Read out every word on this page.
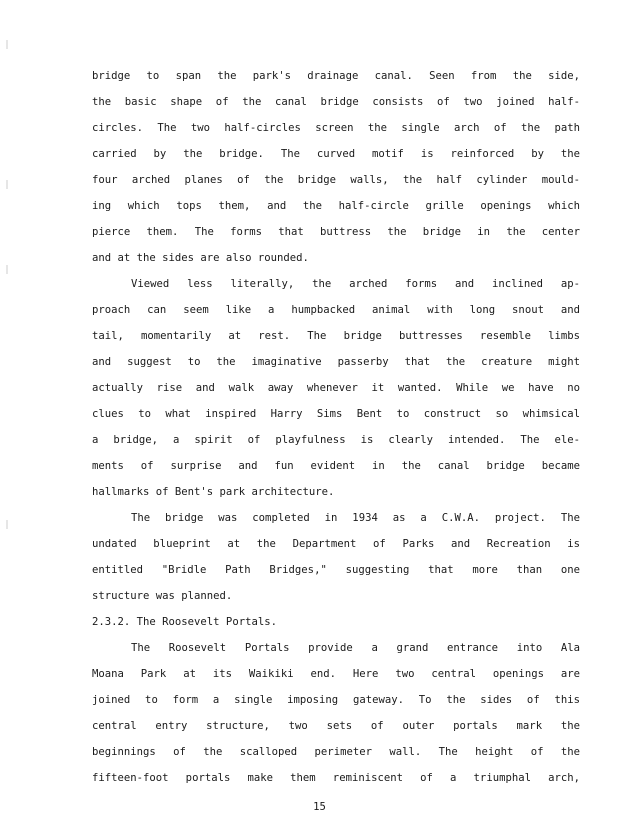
bridge to span the park's drainage canal. Seen from the side,
the basic shape of the canal bridge consists of two joined half-
circles. The two half-circles screen the single arch of the path
carried by the bridge. The curved motif is reinforced by the
four arched planes of the bridge walls, the half cylinder mould-
ing which tops them, and the half-circle grille openings which
pierce them. The forms that buttress the bridge in the center
and at the sides are also rounded.
Viewed less literally, the arched forms and inclined ap-
proach can seem like a humpbacked animal with long snout and
tail, momentarily at rest. The bridge buttresses resemble limbs
and suggest to the imaginative passerby that the creature might
actually rise and walk away whenever it wanted. While we have no
clues to what inspired Harry Sims Bent to construct so whimsical
a bridge, a spirit of playfulness is clearly intended. The ele-
ments of surprise and fun evident in the canal bridge became
hallmarks of Bent's park architecture.
The bridge was completed in 1934 as a C.W.A. project. The
undated blueprint at the Department of Parks and Recreation is
entitled "Bridle Path Bridges," suggesting that more than one
structure was planned.
2.3.2. The Roosevelt Portals.
The Roosevelt Portals provide a grand entrance into Ala
Moana Park at its Waikiki end. Here two central openings are
joined to form a single imposing gateway. To the sides of this
central entry structure, two sets of outer portals mark the
beginnings of the scalloped perimeter wall. The height of the
fifteen-foot portals make them reminiscent of a triumphal arch,
15
